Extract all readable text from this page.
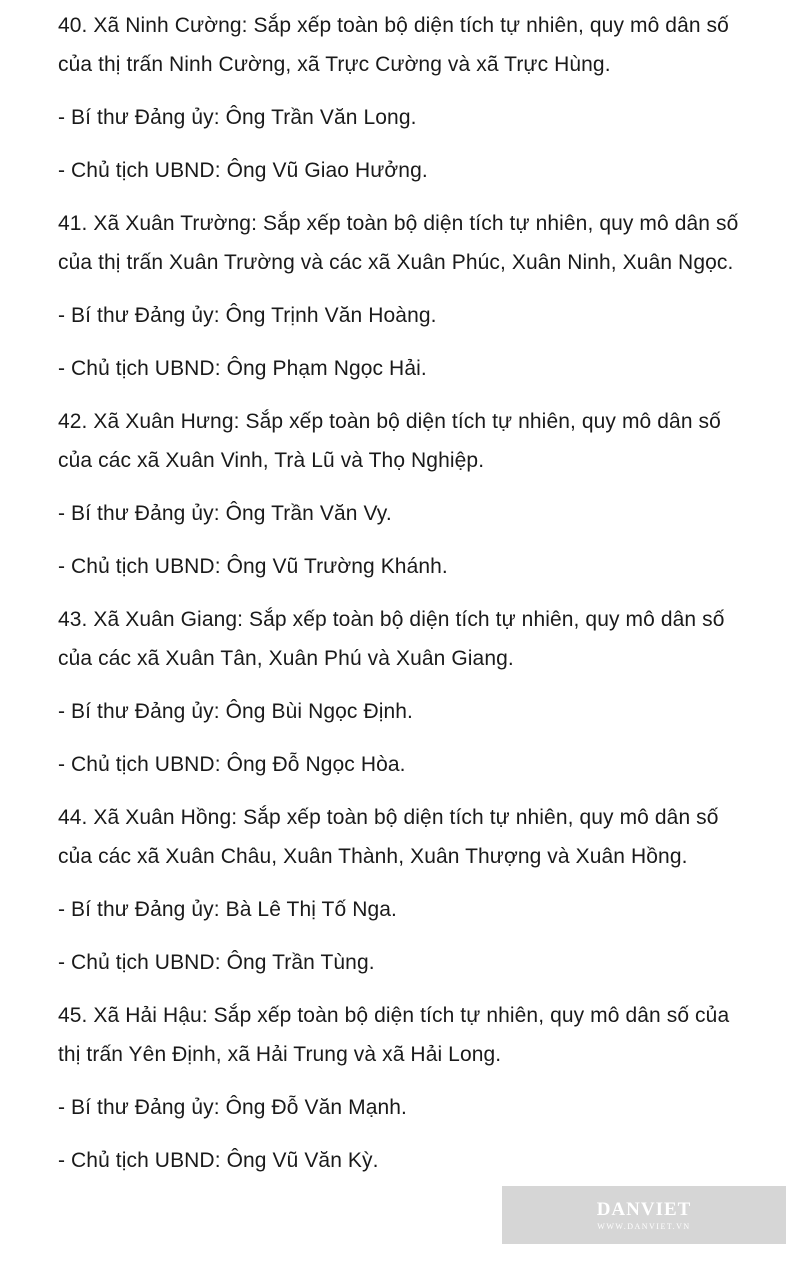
40. Xã Ninh Cường: Sắp xếp toàn bộ diện tích tự nhiên, quy mô dân số của thị trấn Ninh Cường, xã Trực Cường và xã Trực Hùng.

- Bí thư Đảng ủy: Ông Trần Văn Long.

- Chủ tịch UBND: Ông Vũ Giao Hưởng.

41. Xã Xuân Trường: Sắp xếp toàn bộ diện tích tự nhiên, quy mô dân số của thị trấn Xuân Trường và các xã Xuân Phúc, Xuân Ninh, Xuân Ngọc.

- Bí thư Đảng ủy: Ông Trịnh Văn Hoàng.

- Chủ tịch UBND: Ông Phạm Ngọc Hải.

42. Xã Xuân Hưng: Sắp xếp toàn bộ diện tích tự nhiên, quy mô dân số của các xã Xuân Vinh, Trà Lũ và Thọ Nghiệp.

- Bí thư Đảng ủy: Ông Trần Văn Vy.

- Chủ tịch UBND: Ông Vũ Trường Khánh.

43. Xã Xuân Giang: Sắp xếp toàn bộ diện tích tự nhiên, quy mô dân số của các xã Xuân Tân, Xuân Phú và Xuân Giang.

- Bí thư Đảng ủy: Ông Bùi Ngọc Định.

- Chủ tịch UBND: Ông Đỗ Ngọc Hòa.

44. Xã Xuân Hồng: Sắp xếp toàn bộ diện tích tự nhiên, quy mô dân số của các xã Xuân Châu, Xuân Thành, Xuân Thượng và Xuân Hồng.

- Bí thư Đảng ủy: Bà Lê Thị Tố Nga.

- Chủ tịch UBND: Ông Trần Tùng.

45. Xã Hải Hậu: Sắp xếp toàn bộ diện tích tự nhiên, quy mô dân số của thị trấn Yên Định, xã Hải Trung và xã Hải Long.

- Bí thư Đảng ủy: Ông Đỗ Văn Mạnh.

- Chủ tịch UBND: Ông Vũ Văn Kỳ.

DANVIET
WWW.DANVIET.VN
